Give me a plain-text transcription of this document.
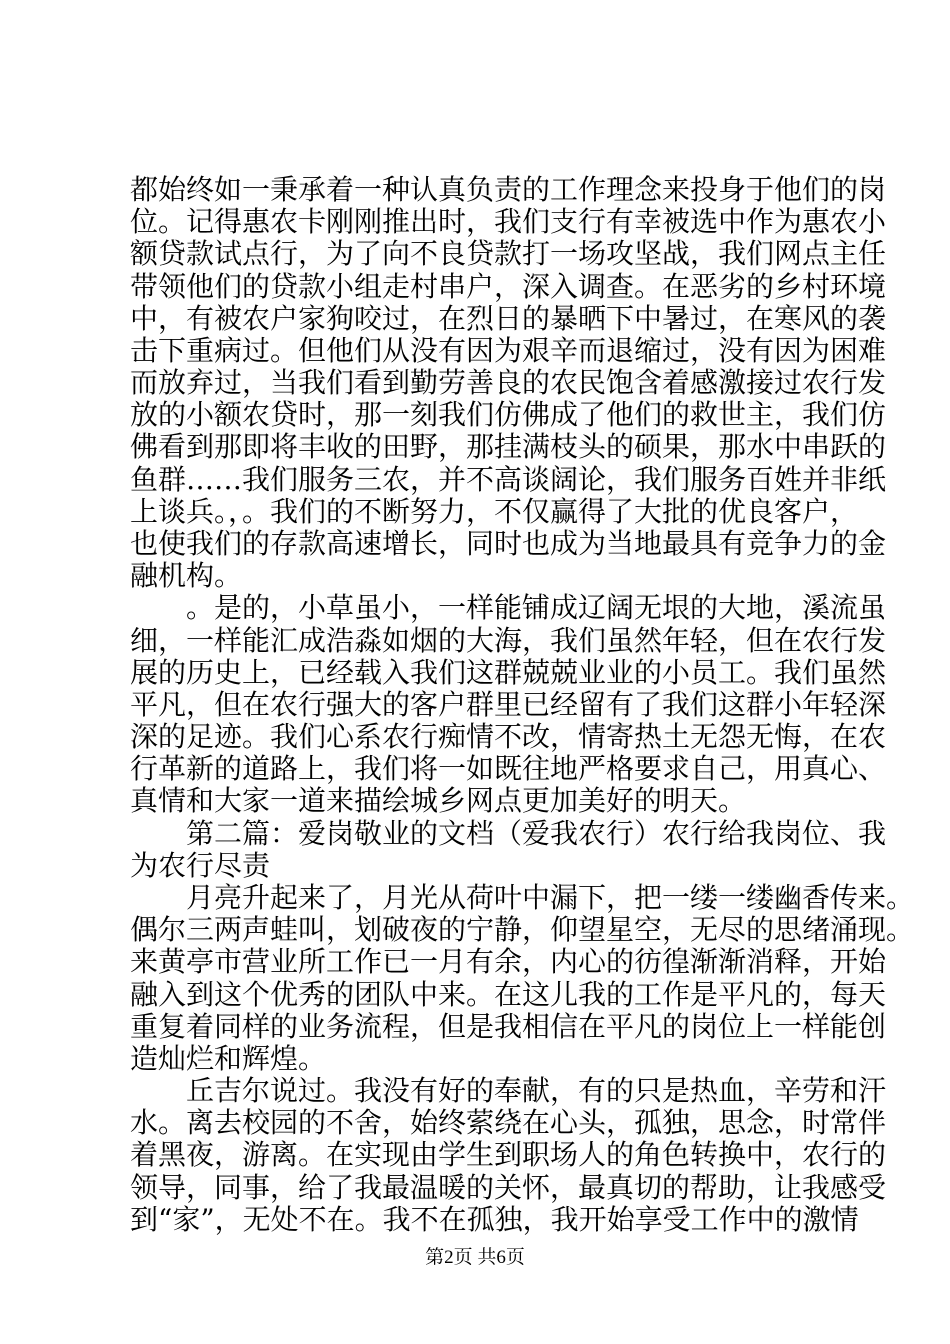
都始终如一秉承着一种认真负责的工作理念来投身于他们的岗
位。记得惠农卡刚刚推出时，我们支行有幸被选中作为惠农小
额贷款试点行，为了向不良贷款打一场攻坚战，我们网点主任
带领他们的贷款小组走村串户，深入调查。在恶劣的乡村环境
中，有被农户家狗咬过，在烈日的暴晒下中暑过，在寒风的袭
击下重病过。但他们从没有因为艰辛而退缩过，没有因为困难
而放弃过，当我们看到勤劳善良的农民饱含着感激接过农行发
放的小额农贷时，那一刻我们仿佛成了他们的救世主，我们仿
佛看到那即将丰收的田野，那挂满枝头的硕果，那水中串跃的
鱼群……我们服务三农，并不高谈阔论，我们服务百姓并非纸
上谈兵。，。我们的不断努力，不仅赢得了大批的优良客户，
也使我们的存款高速增长，同时也成为当地最具有竞争力的金
融机构。
。是的，小草虽小，一样能铺成辽阔无垠的大地，溪流虽
细，一样能汇成浩淼如烟的大海，我们虽然年轻，但在农行发
展的历史上，已经载入我们这群兢兢业业的小员工。我们虽然
平凡，但在农行强大的客户群里已经留有了我们这群小年轻深
深的足迹。我们心系农行痴情不改，情寄热土无怨无悔，在农
行革新的道路上，我们将一如既往地严格要求自己，用真心、
真情和大家一道来描绘城乡网点更加美好的明天。
第二篇：爱岗敬业的文档（爱我农行）农行给我岗位、我
为农行尽责
月亮升起来了，月光从荷叶中漏下，把一缕一缕幽香传来。
偶尔三两声蛙叫，划破夜的宁静，仰望星空，无尽的思绪涌现。
来黄亭市营业所工作已一月有余，内心的彷徨渐渐消释，开始
融入到这个优秀的团队中来。在这儿我的工作是平凡的，每天
重复着同样的业务流程，但是我相信在平凡的岗位上一样能创
造灿烂和辉煌。
丘吉尔说过。我没有好的奉献，有的只是热血，辛劳和汗
水。离去校园的不舍，始终萦绕在心头，孤独，思念，时常伴
着黑夜，游离。在实现由学生到职场人的角色转换中，农行的
领导，同事，给了我最温暖的关怀，最真切的帮助，让我感受
到“家”，无处不在。我不在孤独，我开始享受工作中的激情
第2页 共6页
